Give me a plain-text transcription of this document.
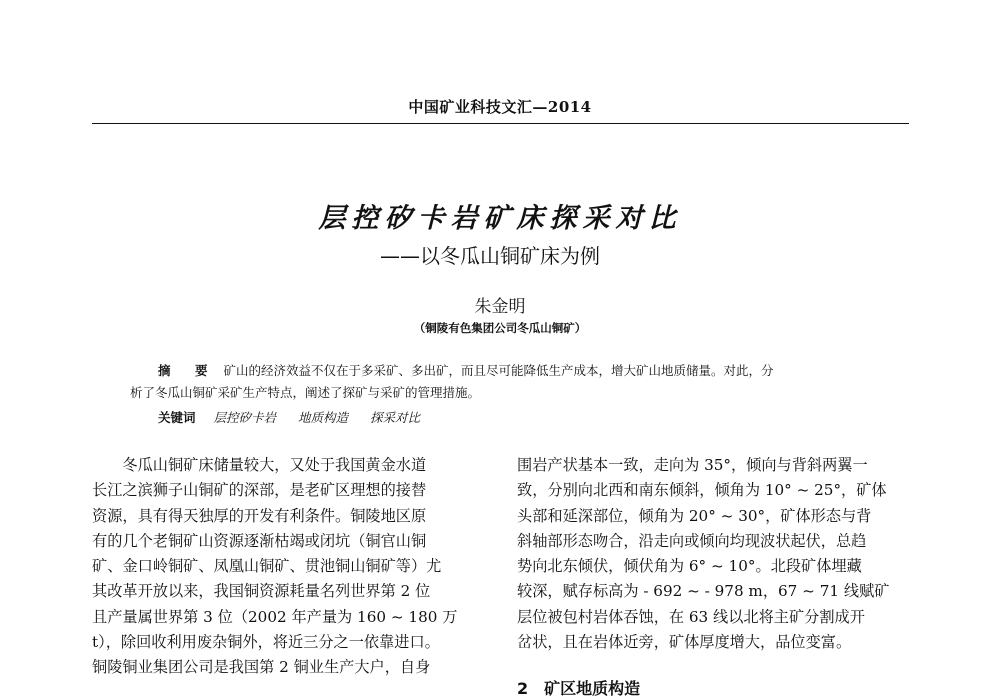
中国矿业科技文汇—2014
层控矽卡岩矿床探采对比
——以冬瓜山铜矿床为例
朱金明
（铜陵有色集团公司冬瓜山铜矿）
摘　要 矿山的经济效益不仅在于多采矿、多出矿，而且尽可能降低生产成本，增大矿山地质储量。对此，分
析了冬瓜山铜矿采矿生产特点，阐述了探矿与采矿的管理措施。
关键词 层控矽卡岩 地质构造 探采对比
冬瓜山铜矿床储量较大，又处于我国黄金水道
长江之滨狮子山铜矿的深部，是老矿区理想的接替
资源，具有得天独厚的开发有利条件。铜陵地区原
有的几个老铜矿山资源逐渐枯竭或闭坑（铜官山铜
矿、金口岭铜矿、凤凰山铜矿、贯池铜山铜矿等）尤
其改革开放以来，我国铜资源耗量名列世界第 2 位
且产量属世界第 3 位（2002 年产量为 160 ~ 180 万
t），除回收利用废杂铜外，将近三分之一依靠进口。
铜陵铜业集团公司是我国第 2 铜业生产大户，自身
围岩产状基本一致，走向为 35°，倾向与背斜两翼一
致，分别向北西和南东倾斜，倾角为 10° ~ 25°，矿体
头部和延深部位，倾角为 20° ~ 30°，矿体形态与背
斜轴部形态吻合，沿走向或倾向均现波状起伏，总趋
势向北东倾伏，倾伏角为 6° ~ 10°。北段矿体埋藏
较深，赋存标高为 - 692 ~ - 978 m，67 ~ 71 线赋矿
层位被包村岩体吞蚀，在 63 线以北将主矿分割成开
岔状，且在岩体近旁，矿体厚度增大，品位变富。
2　矿区地质构造
